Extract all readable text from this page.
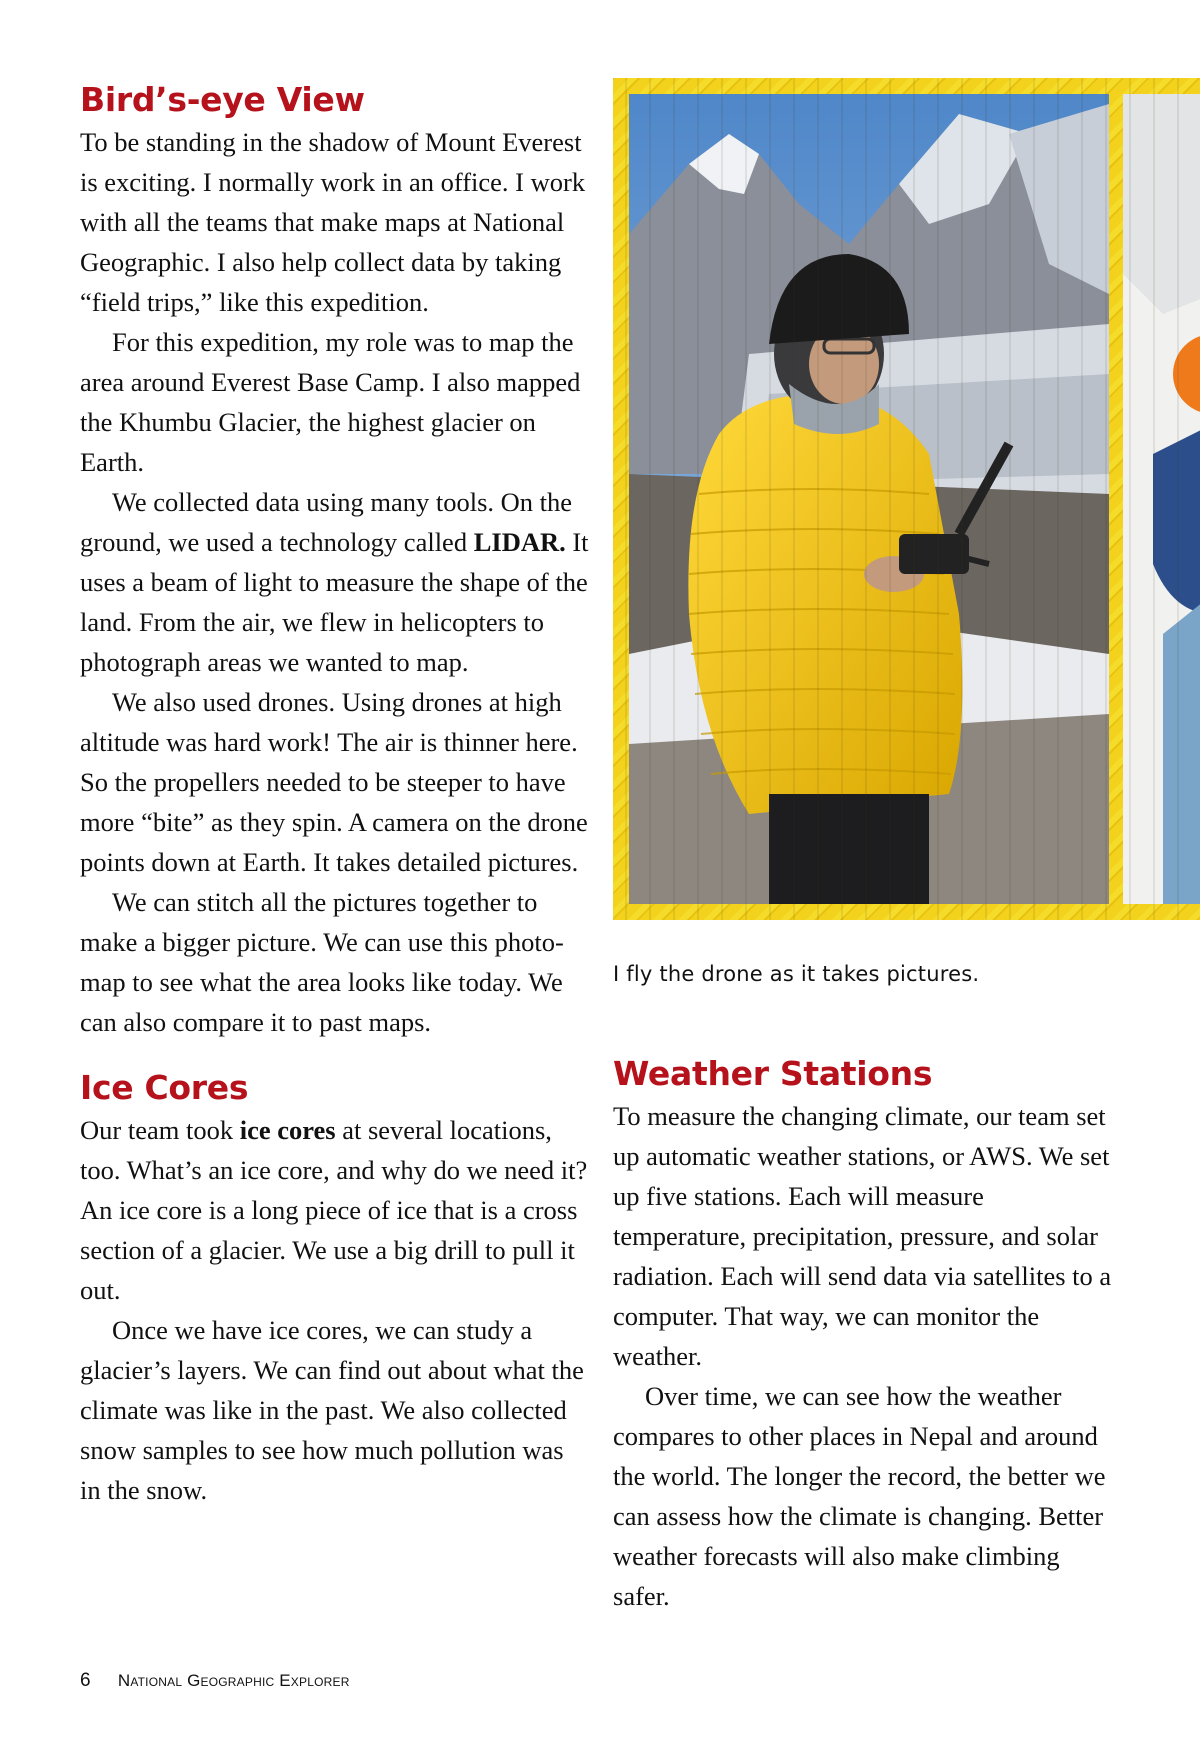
Bird’s-eye View

To be standing in the shadow of Mount Everest is exciting. I normally work in an office. I work with all the teams that make maps at National Geographic. I also help collect data by taking “field trips,” like this expedition.

For this expedition, my role was to map the area around Everest Base Camp. I also mapped the Khumbu Glacier, the highest glacier on Earth.

We collected data using many tools. On the ground, we used a technology called LIDAR. It uses a beam of light to measure the shape of the land. From the air, we flew in helicopters to photograph areas we wanted to map.

We also used drones. Using drones at high altitude was hard work! The air is thinner here. So the propellers needed to be steeper to have more “bite” as they spin. A camera on the drone points down at Earth. It takes detailed pictures.

We can stitch all the pictures together to make a bigger picture. We can use this photo-map to see what the area looks like today. We can also compare it to past maps.

Ice Cores

Our team took ice cores at several locations, too. What’s an ice core, and why do we need it? An ice core is a long piece of ice that is a cross section of a glacier. We use a big drill to pull it out.

Once we have ice cores, we can study a glacier’s layers. We can find out about what the climate was like in the past. We also collected snow samples to see how much pollution was in the snow.

I fly the drone as it takes pictures.
Weather Stations

To measure the changing climate, our team set up automatic weather stations, or AWS. We set up five stations. Each will measure temperature, precipitation, pressure, and solar radiation. Each will send data via satellites to a computer. That way, we can monitor the weather.

Over time, we can see how the weather compares to other places in Nepal and around the world. The longer the record, the better we can assess how the climate is changing. Better weather forecasts will also make climbing safer.

6 National Geographic Explorer
